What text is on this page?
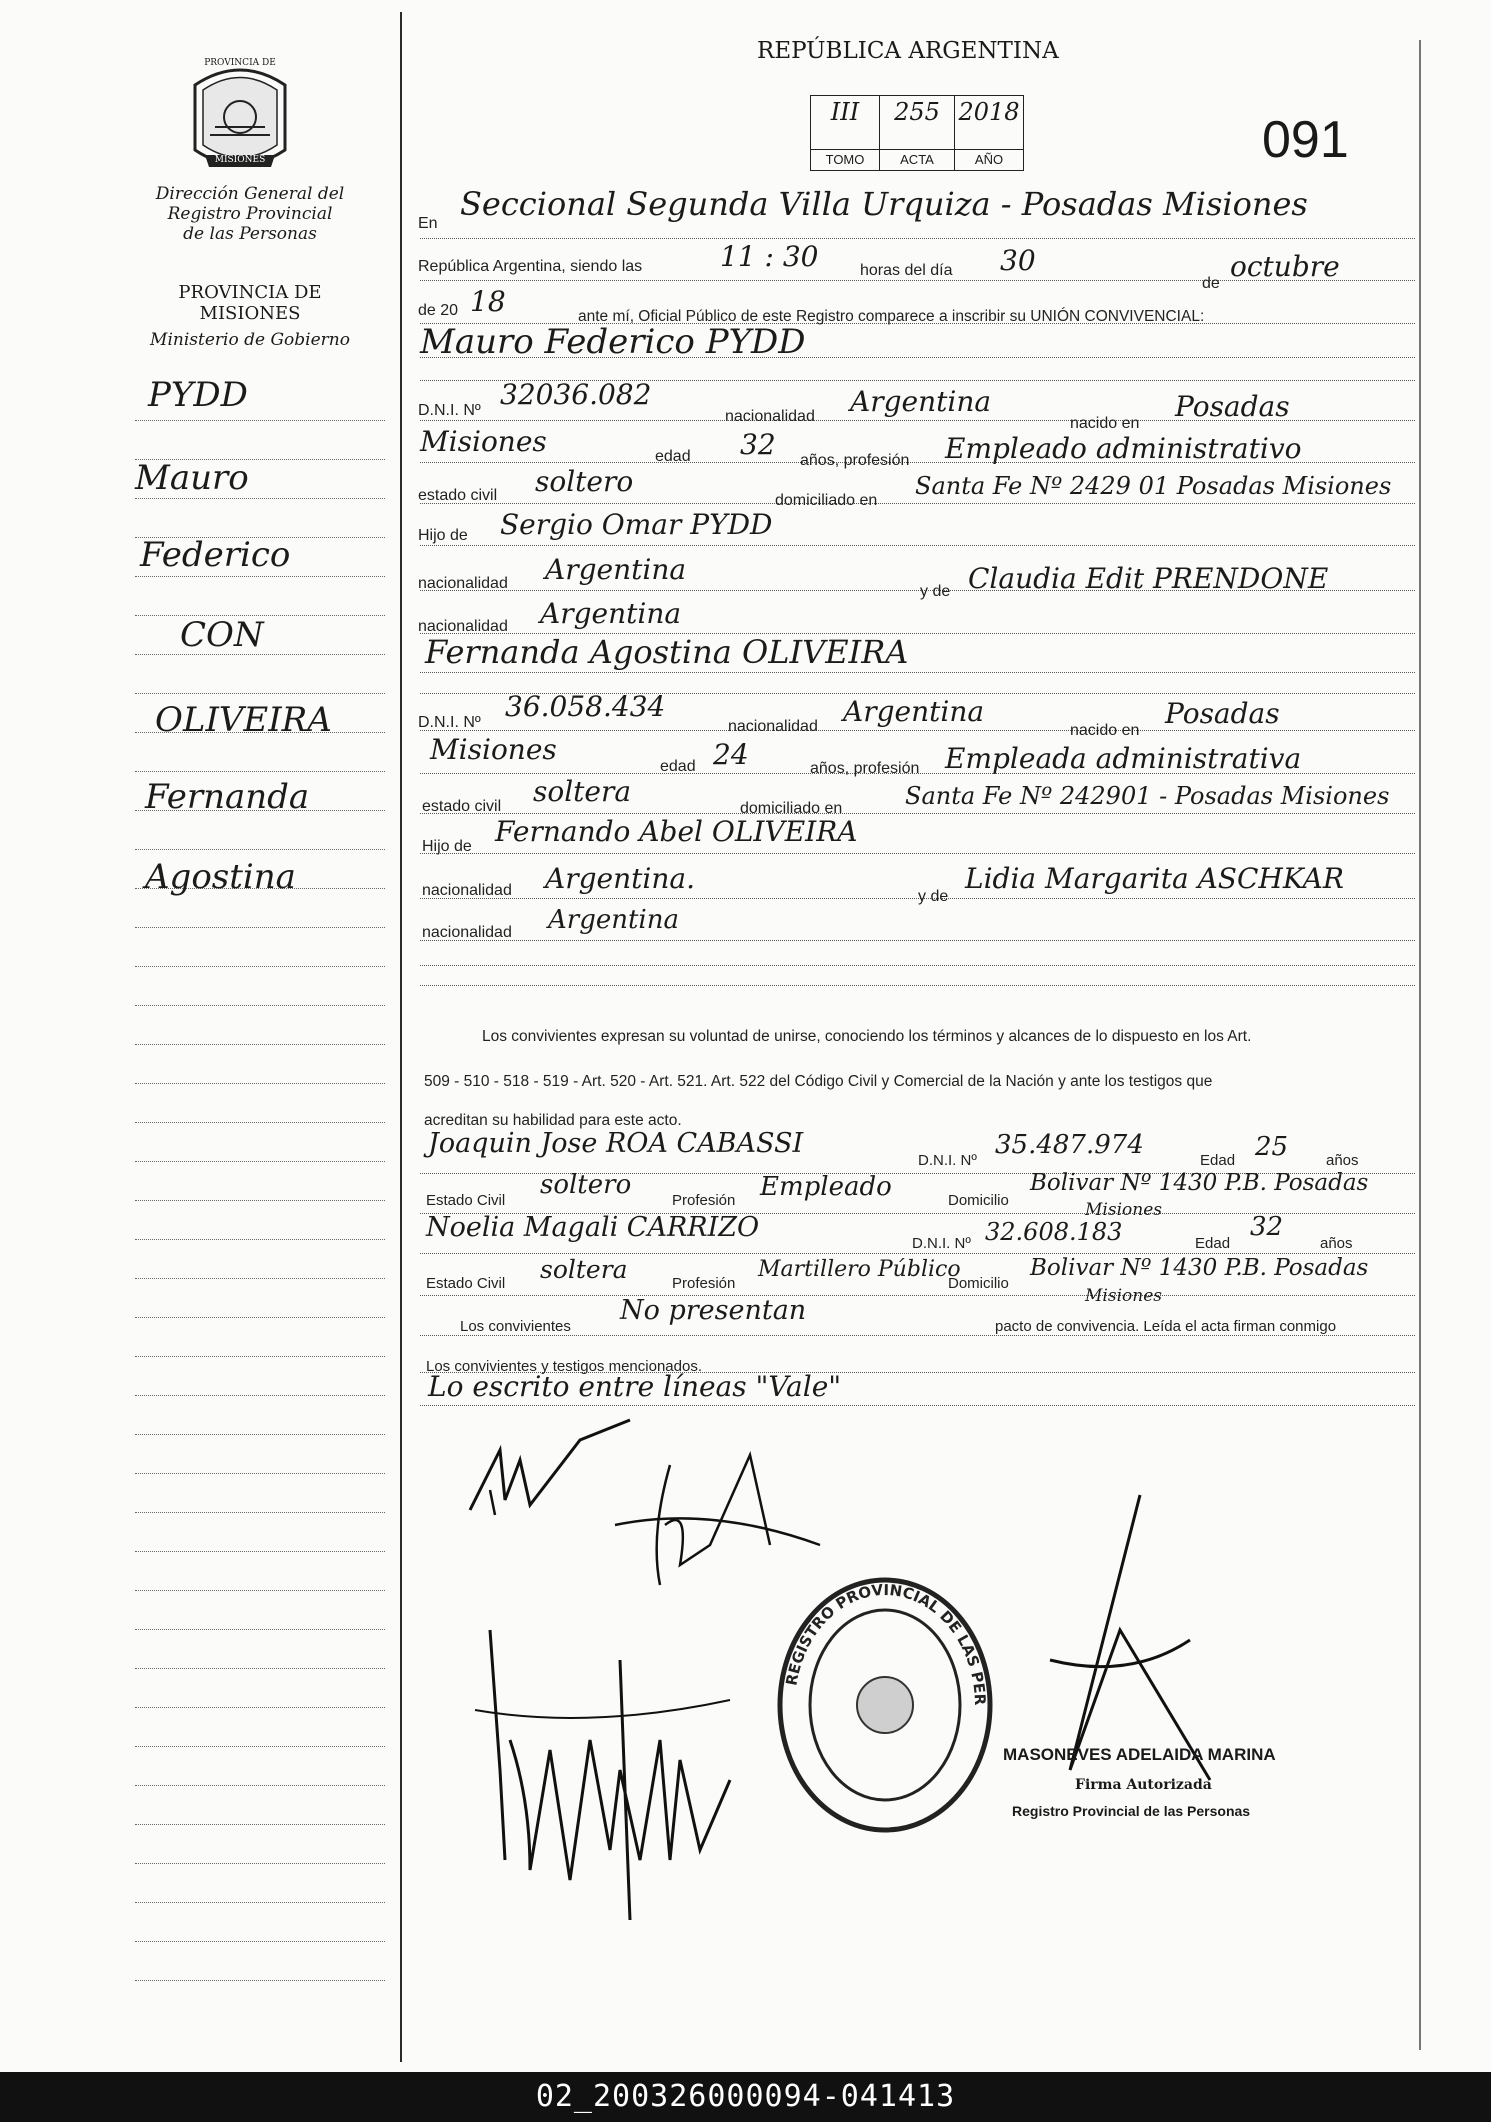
PROVINCIA DE
MISIONES
Dirección General del
Registro Provincial
de las Personas
PROVINCIA DE
MISIONES
Ministerio de Gobierno
PYDD
Mauro
Federico
CON
OLIVEIRA
Fernanda
Agostina
REPÚBLICA ARGENTINA
III
TOMO
255
ACTA
2018
AÑO	091
En
Seccional Segunda Villa Urquiza - Posadas Misiones
República Argentina, siendo las	11 : 30	horas del día 30
de
octubre
de 20 18	ante mí, Oficial Público de este Registro comparece a inscribir su UNIÓN CONVIVENCIAL:
Mauro Federico PYDD
D.N.I. Nº 32036.082
nacionalidad Argentina
nacido en
Posadas
Misiones	edad 32 años, profesión Empleado administrativo
estado civil soltero
domiciliado en
Santa Fe Nº 2429 01 Posadas Misiones
Hijo de Sergio Omar PYDD
nacionalidad Argentina
y de Claudia Edit PRENDONE
nacionalidad Argentina
Fernanda Agostina OLIVEIRA
D.N.I. Nº 36.058.434
nacionalidad Argentina
nacido en
Posadas
Misiones
edad 24	años, profesión Empleada administrativa
estado civil soltera
domiciliado en	Santa Fe Nº 242901 - Posadas Misiones
Hijo de Fernando Abel OLIVEIRA
nacionalidad Argentina.
y de
Lidia Margarita ASCHKAR
nacionalidad Argentina
Los convivientes expresan su voluntad de unirse, conociendo los términos y alcances de lo dispuesto en los Art.
509 - 510 - 518 - 519 - Art. 520 - Art. 521. Art. 522 del Código Civil y Comercial de la Nación y ante los testigos que
acreditan su habilidad para este acto.
Joaquin Jose ROA CABASSI
D.N.I. Nº
35.487.974
Edad 25	años
Estado Civil
soltero
Profesión Empleado	Domicilio
Bolivar Nº 1430 P.B. Posadas
Misiones
Noelia Magali CARRIZO
D.N.I. Nº 32.608.183	Edad
32
años
Estado Civil soltera	Profesión
Martillero Público
Domicilio
Bolivar Nº 1430 P.B. Posadas
Misiones
Los convivientes
No presentan
pacto de convivencia. Leída el acta firman conmigo
Los convivientes y testigos mencionados.
Lo escrito entre líneas "Vale"
REGISTRO PROVINCIAL DE LAS PERSONAS
MASONEVES ADELAIDA MARINA
Firma Autorizada
Registro Provincial de las Personas
02_200326000094-041413
